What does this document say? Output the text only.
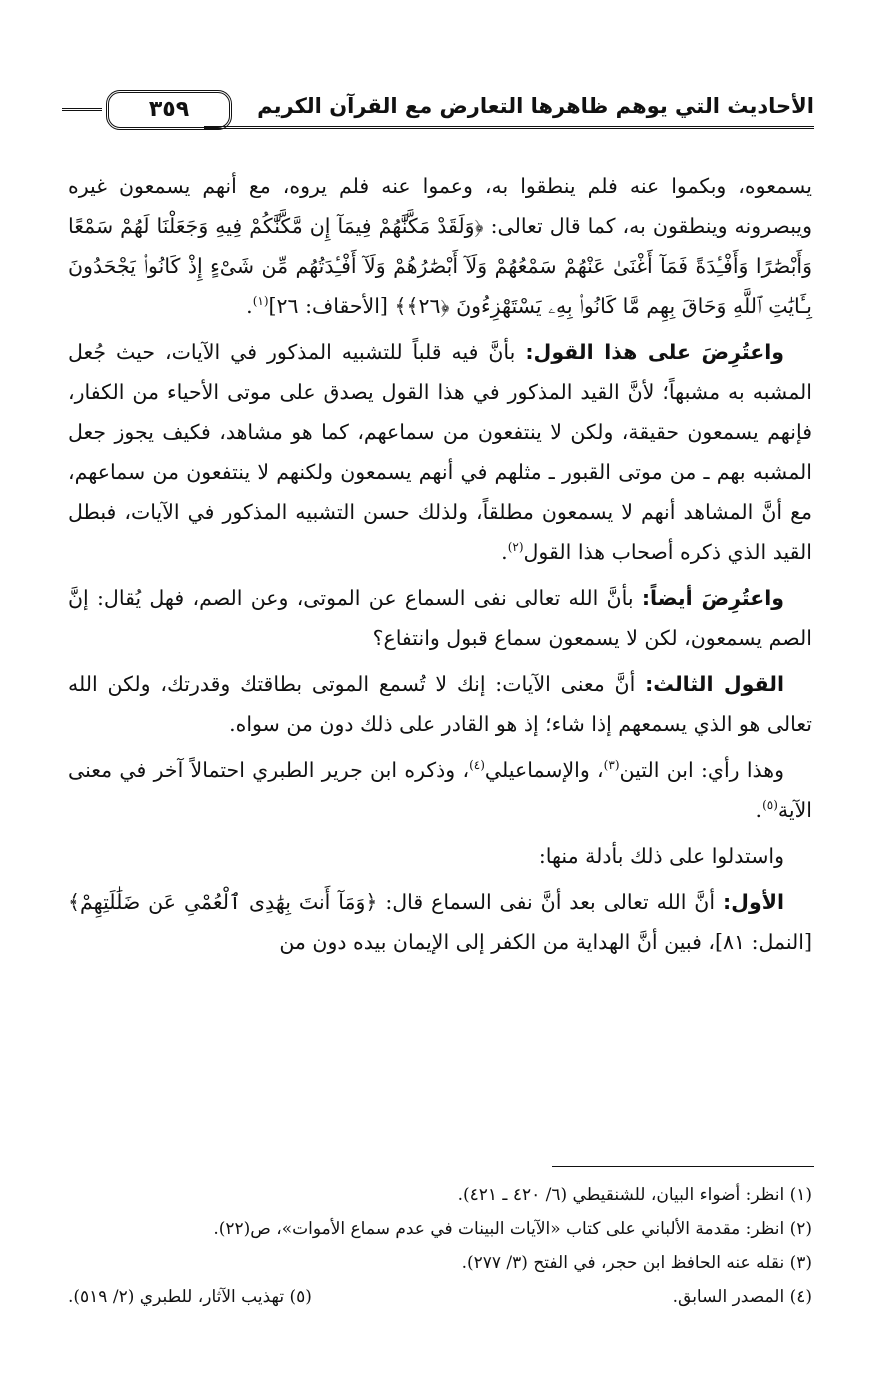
الأحاديث التي يوهم ظاهرها التعارض مع القرآن الكريم
٣٥٩

يسمعوه، وبكموا عنه فلم ينطقوا به، وعموا عنه فلم يروه، مع أنهم يسمعون غيره ويبصرونه وينطقون به، كما قال تعالى: ﴿وَلَقَدْ مَكَّنَّٰهُمْ فِيمَآ إِن مَّكَّنَّٰكُمْ فِيهِ وَجَعَلْنَا لَهُمْ سَمْعًا وَأَبْصَٰرًا وَأَفْـِٔدَةً فَمَآ أَغْنَىٰ عَنْهُمْ سَمْعُهُمْ وَلَآ أَبْصَٰرُهُمْ وَلَآ أَفْـِٔدَتُهُم مِّن شَىْءٍ إِذْ كَانُوا۟ يَجْحَدُونَ بِـَٔايَٰتِ ٱللَّهِ وَحَاقَ بِهِم مَّا كَانُوا۟ بِهِۦ يَسْتَهْزِءُونَ ﴿٢٦﴾﴾ [الأحقاف: ٢٦]$^{(١)}$.

واعتُرِضَ على هذا القول: بأنَّ فيه قلباً للتشبيه المذكور في الآيات، حيث جُعل المشبه به مشبهاً؛ لأنَّ القيد المذكور في هذا القول يصدق على موتى الأحياء من الكفار، فإنهم يسمعون حقيقة، ولكن لا ينتفعون من سماعهم، كما هو مشاهد، فكيف يجوز جعل المشبه بهم ـ من موتى القبور ـ مثلهم في أنهم يسمعون ولكنهم لا ينتفعون من سماعهم، مع أنَّ المشاهد أنهم لا يسمعون مطلقاً، ولذلك حسن التشبيه المذكور في الآيات، فبطل القيد الذي ذكره أصحاب هذا القول$^{(٢)}$.

واعتُرِضَ أيضاً: بأنَّ الله تعالى نفى السماع عن الموتى، وعن الصم، فهل يُقال: إنَّ الصم يسمعون، لكن لا يسمعون سماع قبول وانتفاع؟

القول الثالث: أنَّ معنى الآيات: إنك لا تُسمع الموتى بطاقتك وقدرتك، ولكن الله تعالى هو الذي يسمعهم إذا شاء؛ إذ هو القادر على ذلك دون من سواه.

وهذا رأي: ابن التين$^{(٣)}$، والإسماعيلي$^{(٤)}$، وذكره ابن جرير الطبري احتمالاً آخر في معنى الآية$^{(٥)}$.

واستدلوا على ذلك بأدلة منها:

الأول: أنَّ الله تعالى بعد أنَّ نفى السماع قال: ﴿وَمَآ أَنتَ بِهَٰدِى ٱلْعُمْىِ عَن ضَلَٰلَتِهِمْ﴾ [النمل: ٨١]، فبين أنَّ الهداية من الكفر إلى الإيمان بيده دون من

(١) انظر: أضواء البيان، للشنقيطي (٦/ ٤٢٠ ـ ٤٢١).

(٢) انظر: مقدمة الألباني على كتاب «الآيات البينات في عدم سماع الأموات»، ص(٢٢).

(٣) نقله عنه الحافظ ابن حجر، في الفتح (٣/ ٢٧٧).

(٤) المصدر السابق.
(٥) تهذيب الآثار، للطبري (٢/ ٥١٩).
